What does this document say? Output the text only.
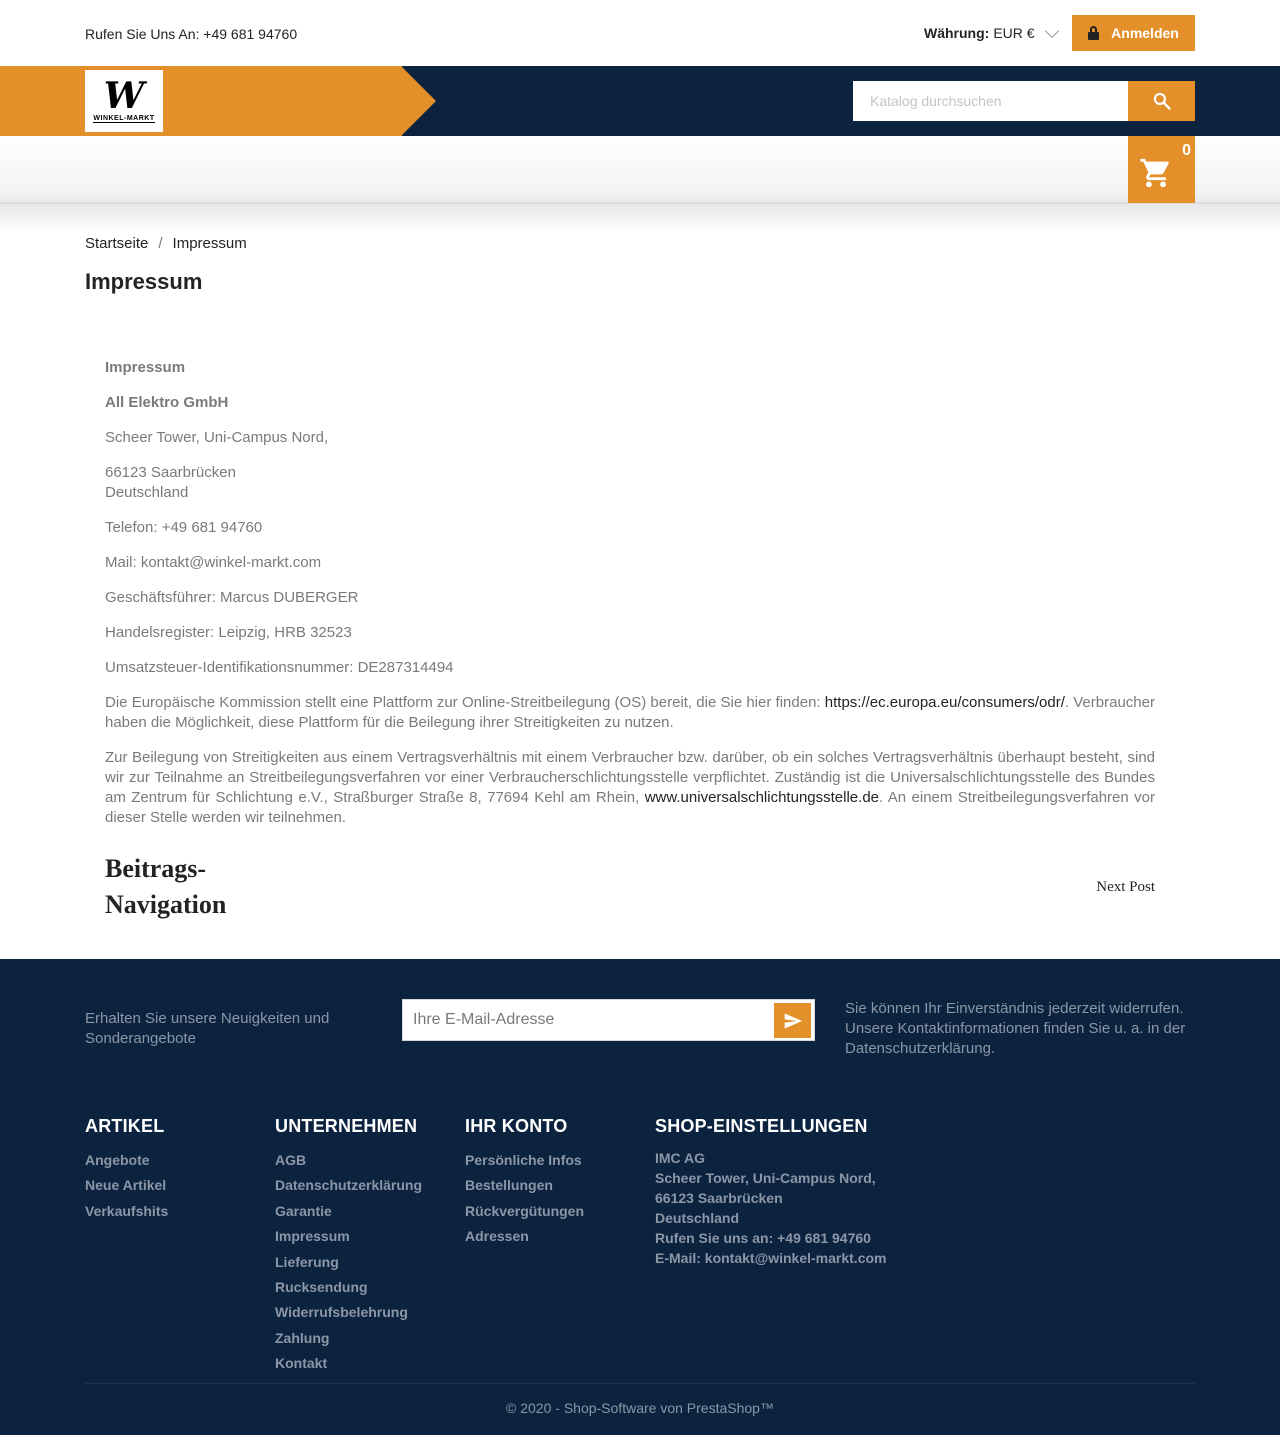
Rufen Sie Uns An: +49 681 94760	Währung: EUR €	Anmelden
W
WINKEL-MARKT
Katalog durchsuchen
0
Startseite / Impressum
Impressum

Impressum

All Elektro GmbH

Scheer Tower, Uni-Campus Nord,

66123 Saarbrücken
Deutschland

Telefon: +49 681 94760

Mail: kontakt@winkel-markt.com

Geschäftsführer: Marcus DUBERGER

Handelsregister: Leipzig, HRB 32523

Umsatzsteuer-Identifikationsnummer: DE287314494

Die Europäische Kommission stellt eine Plattform zur Online-Streitbeilegung (OS) bereit, die Sie hier finden: https://ec.europa.eu/consumers/odr/. Verbraucher haben die Möglichkeit, diese Plattform für die Beilegung ihrer Streitigkeiten zu nutzen.

Zur Beilegung von Streitigkeiten aus einem Vertragsverhältnis mit einem Verbraucher bzw. darüber, ob ein solches Vertragsverhältnis überhaupt besteht, sind wir zur Teilnahme an Streitbeilegungsverfahren vor einer Verbraucherschlichtungsstelle verpflichtet. Zuständig ist die Universalschlichtungsstelle des Bundes am Zentrum für Schlichtung e.V., Straßburger Straße 8, 77694 Kehl am Rhein, www.universalschlichtungsstelle.de. An einem Streitbeilegungsverfahren vor dieser Stelle werden wir teilnehmen.

Beitrags-Navigation
Next Post
Erhalten Sie unsere Neuigkeiten und Sonderangebote
Ihre E-Mail-Adresse
Sie können Ihr Einverständnis jederzeit widerrufen. Unsere Kontaktinformationen finden Sie u. a. in der Datenschutzerklärung.
ARTIKEL
Angebote
Neue Artikel
Verkaufshits
UNTERNEHMEN
AGB
Datenschutzerklärung
Garantie
Impressum
Lieferung
Rucksendung
Widerrufsbelehrung
Zahlung
Kontakt
IHR KONTO
Persönliche Infos
Bestellungen
Rückvergütungen
Adressen
SHOP-EINSTELLUNGEN
IMC AG
Scheer Tower, Uni-Campus Nord,
66123 Saarbrücken
Deutschland
Rufen Sie uns an: +49 681 94760
E-Mail: kontakt@winkel-markt.com
© 2020 - Shop-Software von PrestaShop™
